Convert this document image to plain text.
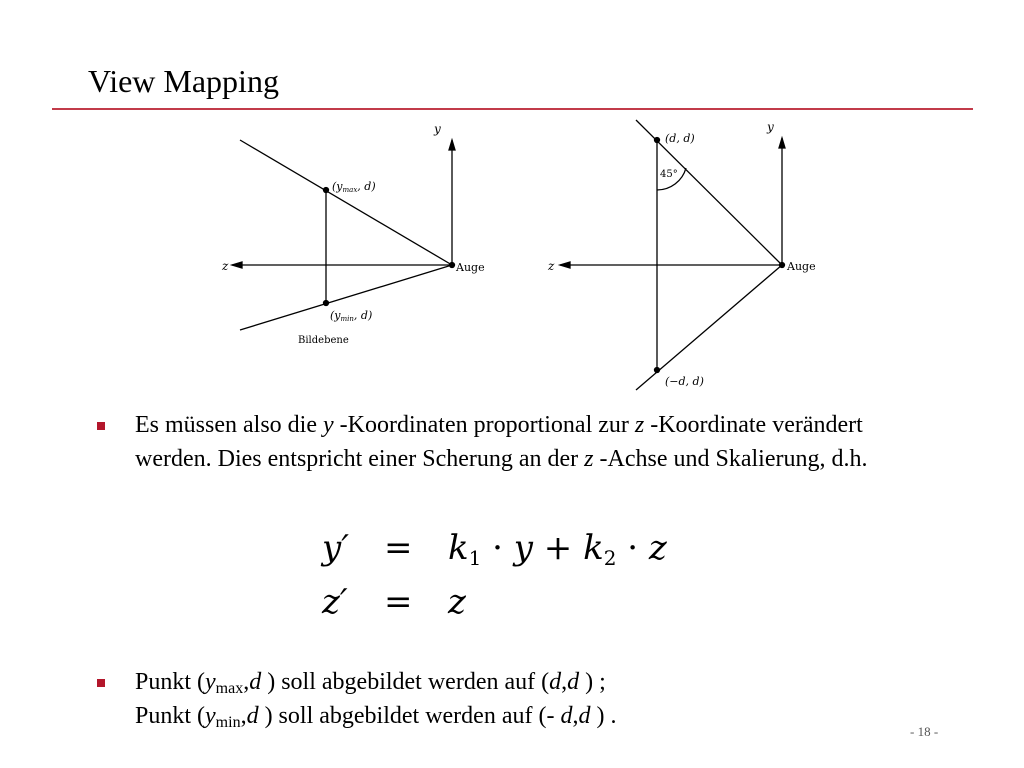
View Mapping
y
z	Auge
(ymax, d)
(ymin, d)
Bildebene
y
z	Auge
(d, d)
45°
(−d, d)
Es müssen also die y -Koordinaten proportional zur z -Koordinate verändert werden. Dies entspricht einer Scherung an der z -Achse und Skalierung, d.h.
$y' = k_1 \cdot y + k_2 \cdot z$
z′ = z
Punkt ($y_{max},d$ ) soll abgebildet werden auf (d,d ) ;
Punkt ($y_{min},d$ ) soll abgebildet werden auf (- d,d ) .
- 18 -
